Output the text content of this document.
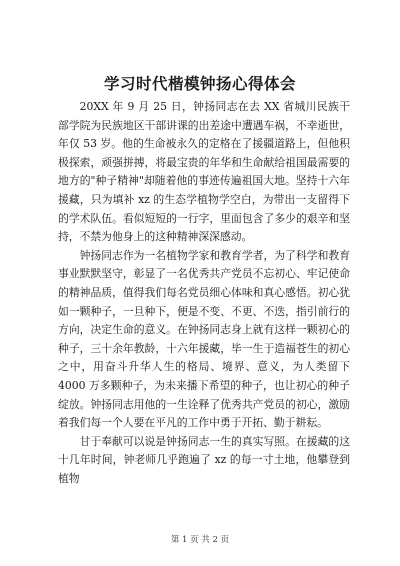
学习时代楷模钟扬心得体会

20XX 年 9 月 25 日，钟扬同志在去 XX 省城川民族干部学院为民族地区干部讲课的出差途中遭遇车祸，不幸逝世，年仅 53 岁。他的生命被永久的定格在了援疆道路上，但他积极探索，顽强拼搏，将最宝贵的年华和生命献给祖国最需要的地方的"种子精神"却随着他的事迹传遍祖国大地。坚持十六年援藏，只为填补 xz 的生态学植物学空白，为带出一支留得下的学术队伍。看似短短的一行字，里面包含了多少的艰辛和坚持，不禁为他身上的这种精神深深感动。

钟扬同志作为一名植物学家和教育学者，为了科学和教育事业默默坚守，彰显了一名优秀共产党员不忘初心、牢记使命的精神品质，值得我们每名党员细心体味和真心感悟。初心犹如一颗种子，一旦种下，便是不变、不更、不迭，指引前行的方向，决定生命的意义。在钟扬同志身上就有这样一颗初心的种子，三十余年教龄，十六年援藏，毕一生于造福苍生的初心之中，用奋斗升华人生的格局、境界、意义，为人类留下 4000 万多颗种子，为未来播下希望的种子，也让初心的种子绽放。钟扬同志用他的一生诠释了优秀共产党员的初心，激励着我们每一个人要在平凡的工作中勇于开拓、勤于耕耘。

甘于奉献可以说是钟扬同志一生的真实写照。在援藏的这十几年时间，钟老师几乎跑遍了 xz 的每一寸土地，他攀登到植物

第 1 页 共 2 页
